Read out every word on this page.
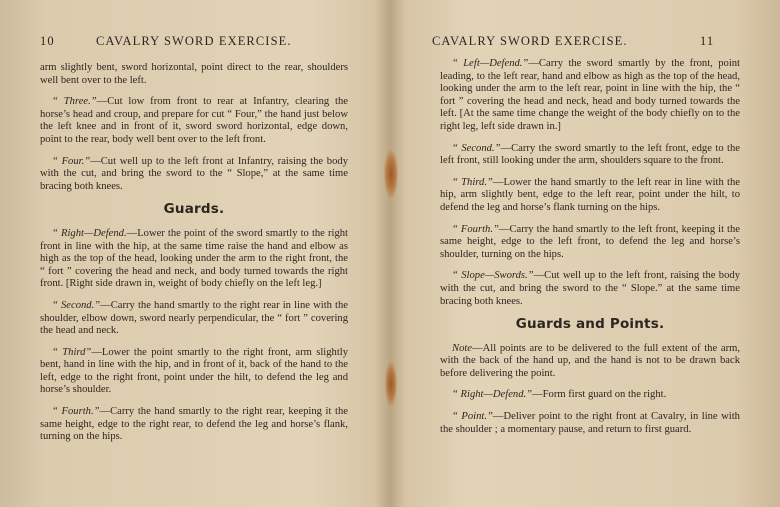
10	CAVALRY SWORD EXERCISE.

arm slightly bent, sword horizontal, point direct to the rear, shoulders well bent over to the left.

“ Three.”—Cut low from front to rear at Infantry, clearing the horse’s head and croup, and prepare for cut “ Four,” the hand just below the left knee and in front of it, sword sword horizontal, edge down, point to the rear, body well bent over to the left front.

“ Four.”—Cut well up to the left front at Infantry, raising the body with the cut, and bring the sword to the “ Slope,” at the same time bracing both knees.

Guards.

“ Right—Defend.—Lower the point of the sword smartly to the right front in line with the hip, at the same time raise the hand and elbow as high as the top of the head, looking under the arm to the right front, the “ fort ” covering the head and neck, and body turned towards the right front. [Right side drawn in, weight of body chiefly on the left leg.]

“ Second.”—Carry the hand smartly to the right rear in line with the shoulder, elbow down, sword nearly perpendicular, the “ fort ” covering the head and neck.

“ Third”—Lower the point smartly to the right front, arm slightly bent, hand in line with the hip, and in front of it, back of the hand to the left, edge to the right front, point under the hilt, to defend the leg and horse’s shoulder.

“ Fourth.”—Carry the hand smartly to the right rear, keeping it the same height, edge to the right rear, to defend the leg and horse’s flank, turning on the hips.

CAVALRY SWORD EXERCISE.	11

“ Left—Defend.”—Carry the sword smartly by the front, point leading, to the left rear, hand and elbow as high as the top of the head, looking under the arm to the left rear, point in line with the hip, the “ fort ” covering the head and neck, head and body turned towards the left. [At the same time change the weight of the body chiefly on to the right leg, left side drawn in.]

“ Second.”—Carry the sword smartly to the left front, edge to the left front, still looking under the arm, shoulders square to the front.

“ Third.”—Lower the hand smartly to the left rear in line with the hip, arm slightly bent, edge to the left rear, point under the hilt, to defend the leg and horse’s flank turning on the hips.

“ Fourth.”—Carry the hand smartly to the left front, keeping it the same height, edge to the left front, to defend the leg and horse’s shoulder, turning on the hips.

“ Slope—Swords.”—Cut well up to the left front, raising the body with the cut, and bring the sword to the “ Slope.” at the same time bracing both knees.

Guards and Points.

Note—All points are to be delivered to the full extent of the arm, with the back of the hand up, and the hand is not to be drawn back before delivering the point.

“ Right—Defend.”—Form first guard on the right.

“ Point.”—Deliver point to the right front at Cavalry, in line with the shoulder ; a momentary pause, and return to first guard.
